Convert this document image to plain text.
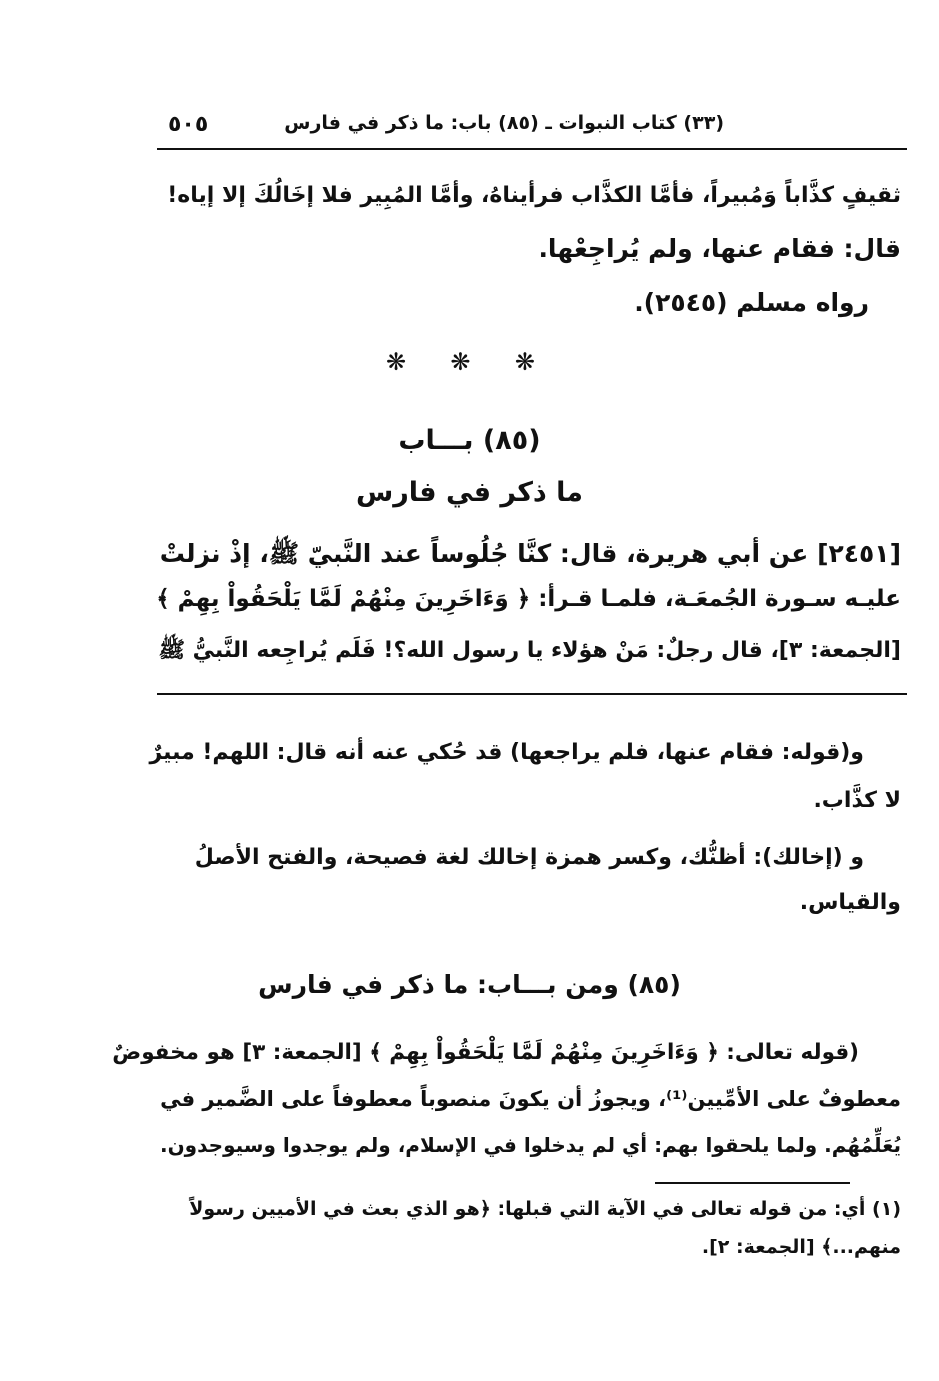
٥٠٥	(٣٣) كتاب النبوات ـ (٨٥) باب: ما ذكر في فارس
ثقيفٍ كذَّاباً وَمُبيراً، فأمَّا الكذَّاب فرأيناهُ، وأمَّا المُبِير فلا إخَالُكَ إلا إياه!
قال: فقام عنها، ولم يُراجِعْها.
رواه مسلم (٢٥٤٥).
❋ ❋ ❋
(٨٥) بـــاب
ما ذكر في فارس
[٢٤٥١] عن أبي هريرة، قال: كنَّا جُلُوساً عند النَّبيّ ﷺ، إذْ نزلتْ
عليـه سـورة الجُمعَـة، فلمـا قـرأ: ﴿ وَءَاخَرِينَ مِنْهُمْ لَمَّا يَلْحَقُواْ بِهِمْ ﴾
[الجمعة: ٣]، قال رجلٌ: مَنْ هؤلاء يا رسول الله؟! فَلَم يُراجِعه النَّبيُّ ﷺ
و(قوله: فقام عنها، فلم يراجعها) قد حُكي عنه أنه قال: اللهم! مبيرٌ
لا كذَّاب.
و (إخالك): أظنُّك، وكسر همزة إخالك لغة فصيحة، والفتح الأصلُ
والقياس.
(٨٥) ومن بـــاب: ما ذكر في فارس
(قوله تعالى: ﴿ وَءَاخَرِينَ مِنْهُمْ لَمَّا يَلْحَقُواْ بِهِمْ ﴾ [الجمعة: ٣] هو مخفوضٌ
معطوفٌ على الأمِّيين⁽¹⁾، ويجوزُ أن يكونَ منصوباً معطوفاً على الضَّمير في
يُعَلِّمُهُم. ولما يلحقوا بهم: أي لم يدخلوا في الإسلام، ولم يوجدوا وسيوجدون.
(١) أي: من قوله تعالى في الآية التي قبلها: ﴿هو الذي بعث في الأميين رسولاً
منهم...﴾ [الجمعة: ٢].
